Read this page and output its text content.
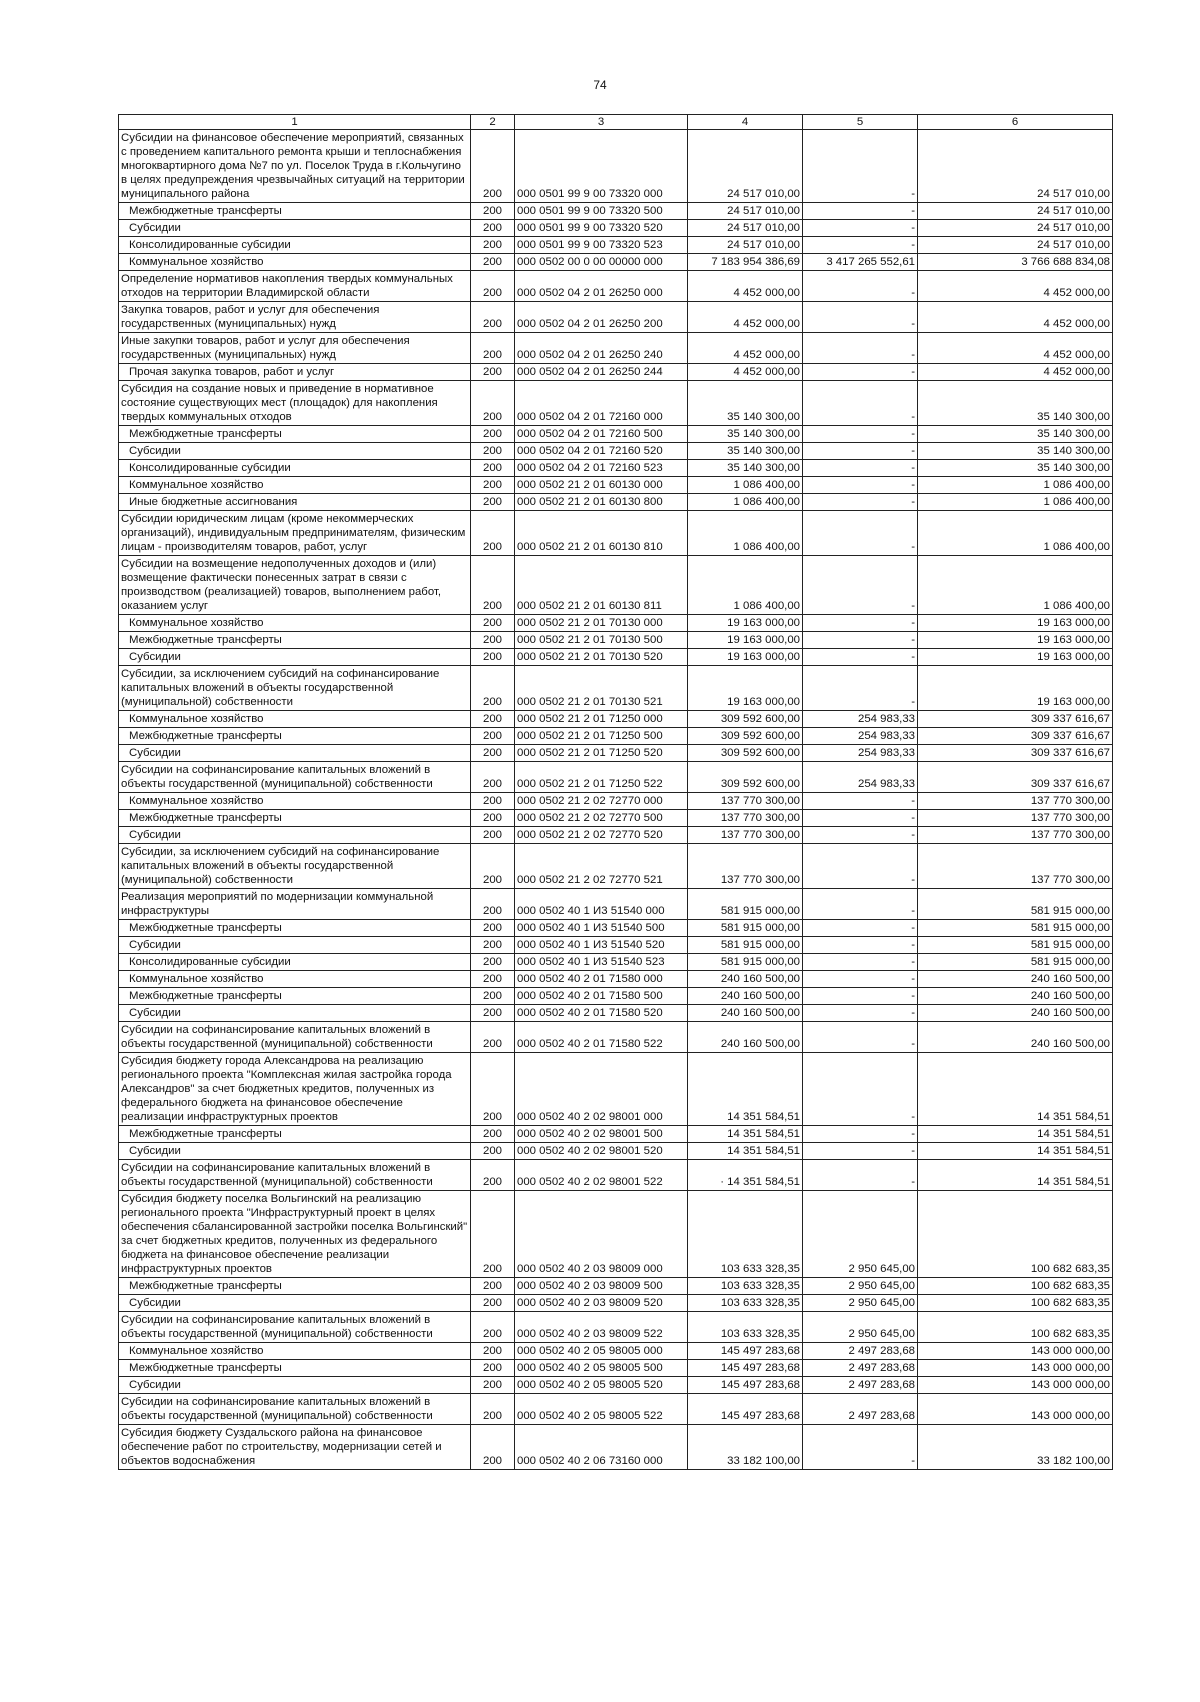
74
1	2	3	4	5	6
Субсидии на финансовое обеспечение мероприятий, связанных с проведением капитального ремонта крыши и теплоснабжения многоквартирного дома №7 по ул. Поселок Труда в г.Кольчугино в целях предупреждения чрезвычайных ситуаций на территории муниципального района	200	000 0501 99 9 00 73320 000	24 517 010,00	-	24 517 010,00
Межбюджетные трансферты	200	000 0501 99 9 00 73320 500	24 517 010,00	-	24 517 010,00
Субсидии	200	000 0501 99 9 00 73320 520	24 517 010,00	-	24 517 010,00
Консолидированные субсидии	200	000 0501 99 9 00 73320 523	24 517 010,00	-	24 517 010,00
Коммунальное хозяйство	200	000 0502 00 0 00 00000 000	7 183 954 386,69	3 417 265 552,61	3 766 688 834,08
Определение нормативов накопления твердых коммунальных отходов на территории Владимирской области	200	000 0502 04 2 01 26250 000	4 452 000,00	-	4 452 000,00
Закупка товаров, работ и услуг для обеспечения государственных (муниципальных) нужд	200	000 0502 04 2 01 26250 200	4 452 000,00	-	4 452 000,00
Иные закупки товаров, работ и услуг для обеспечения государственных (муниципальных) нужд	200	000 0502 04 2 01 26250 240	4 452 000,00	-	4 452 000,00
Прочая закупка товаров, работ и услуг	200	000 0502 04 2 01 26250 244	4 452 000,00	-	4 452 000,00
Субсидия на создание новых и приведение в нормативное состояние существующих мест (площадок) для накопления твердых коммунальных отходов	200	000 0502 04 2 01 72160 000	35 140 300,00	-	35 140 300,00
Межбюджетные трансферты	200	000 0502 04 2 01 72160 500	35 140 300,00	-	35 140 300,00
Субсидии	200	000 0502 04 2 01 72160 520	35 140 300,00	-	35 140 300,00
Консолидированные субсидии	200	000 0502 04 2 01 72160 523	35 140 300,00	-	35 140 300,00
Коммунальное хозяйство	200	000 0502 21 2 01 60130 000	1 086 400,00	-	1 086 400,00
Иные бюджетные ассигнования	200	000 0502 21 2 01 60130 800	1 086 400,00	-	1 086 400,00
Субсидии юридическим лицам (кроме некоммерческих организаций), индивидуальным предпринимателям, физическим лицам - производителям товаров, работ, услуг	200	000 0502 21 2 01 60130 810	1 086 400,00	-	1 086 400,00
Субсидии на возмещение недополученных доходов и (или) возмещение фактически понесенных затрат в связи с производством (реализацией) товаров, выполнением работ, оказанием услуг	200	000 0502 21 2 01 60130 811	1 086 400,00	-	1 086 400,00
Коммунальное хозяйство	200	000 0502 21 2 01 70130 000	19 163 000,00	-	19 163 000,00
Межбюджетные трансферты	200	000 0502 21 2 01 70130 500	19 163 000,00	-	19 163 000,00
Субсидии	200	000 0502 21 2 01 70130 520	19 163 000,00	-	19 163 000,00
Субсидии, за исключением субсидий на софинансирование капитальных вложений в объекты государственной (муниципальной) собственности	200	000 0502 21 2 01 70130 521	19 163 000,00	-	19 163 000,00
Коммунальное хозяйство	200	000 0502 21 2 01 71250 000	309 592 600,00	254 983,33	309 337 616,67
Межбюджетные трансферты	200	000 0502 21 2 01 71250 500	309 592 600,00	254 983,33	309 337 616,67
Субсидии	200	000 0502 21 2 01 71250 520	309 592 600,00	254 983,33	309 337 616,67
Субсидии на софинансирование капитальных вложений в объекты государственной (муниципальной) собственности	200	000 0502 21 2 01 71250 522	309 592 600,00	254 983,33	309 337 616,67
Коммунальное хозяйство	200	000 0502 21 2 02 72770 000	137 770 300,00	-	137 770 300,00
Межбюджетные трансферты	200	000 0502 21 2 02 72770 500	137 770 300,00	-	137 770 300,00
Субсидии	200	000 0502 21 2 02 72770 520	137 770 300,00	-	137 770 300,00
Субсидии, за исключением субсидий на софинансирование капитальных вложений в объекты государственной (муниципальной) собственности	200	000 0502 21 2 02 72770 521	137 770 300,00	-	137 770 300,00
Реализация мероприятий по модернизации коммунальной инфраструктуры	200	000 0502 40 1 И3 51540 000	581 915 000,00	-	581 915 000,00
Межбюджетные трансферты	200	000 0502 40 1 И3 51540 500	581 915 000,00	-	581 915 000,00
Субсидии	200	000 0502 40 1 И3 51540 520	581 915 000,00	-	581 915 000,00
Консолидированные субсидии	200	000 0502 40 1 И3 51540 523	581 915 000,00	-	581 915 000,00
Коммунальное хозяйство	200	000 0502 40 2 01 71580 000	240 160 500,00	-	240 160 500,00
Межбюджетные трансферты	200	000 0502 40 2 01 71580 500	240 160 500,00	-	240 160 500,00
Субсидии	200	000 0502 40 2 01 71580 520	240 160 500,00	-	240 160 500,00
Субсидии на софинансирование капитальных вложений в объекты государственной (муниципальной) собственности	200	000 0502 40 2 01 71580 522	240 160 500,00	-	240 160 500,00
Субсидия бюджету города Александрова на реализацию регионального проекта "Комплексная жилая застройка города Александров" за счет бюджетных кредитов, полученных из федерального бюджета на финансовое обеспечение реализации инфраструктурных проектов	200	000 0502 40 2 02 98001 000	14 351 584,51	-	14 351 584,51
Межбюджетные трансферты	200	000 0502 40 2 02 98001 500	14 351 584,51	-	14 351 584,51
Субсидии	200	000 0502 40 2 02 98001 520	14 351 584,51	-	14 351 584,51
Субсидии на софинансирование капитальных вложений в объекты государственной (муниципальной) собственности	200	000 0502 40 2 02 98001 522	· 14 351 584,51	-	14 351 584,51
Субсидия бюджету поселка Вольгинский на реализацию регионального проекта "Инфраструктурный проект в целях обеспечения сбалансированной застройки поселка Вольгинский" за счет бюджетных кредитов, полученных из федерального бюджета на финансовое обеспечение реализации инфраструктурных проектов	200	000 0502 40 2 03 98009 000	103 633 328,35	2 950 645,00	100 682 683,35
Межбюджетные трансферты	200	000 0502 40 2 03 98009 500	103 633 328,35	2 950 645,00	100 682 683,35
Субсидии	200	000 0502 40 2 03 98009 520	103 633 328,35	2 950 645,00	100 682 683,35
Субсидии на софинансирование капитальных вложений в объекты государственной (муниципальной) собственности	200	000 0502 40 2 03 98009 522	103 633 328,35	2 950 645,00	100 682 683,35
Коммунальное хозяйство	200	000 0502 40 2 05 98005 000	145 497 283,68	2 497 283,68	143 000 000,00
Межбюджетные трансферты	200	000 0502 40 2 05 98005 500	145 497 283,68	2 497 283,68	143 000 000,00
Субсидии	200	000 0502 40 2 05 98005 520	145 497 283,68	2 497 283,68	143 000 000,00
Субсидии на софинансирование капитальных вложений в объекты государственной (муниципальной) собственности	200	000 0502 40 2 05 98005 522	145 497 283,68	2 497 283,68	143 000 000,00
Субсидия бюджету Суздальского района на финансовое обеспечение работ по строительству, модернизации сетей и объектов водоснабжения	200	000 0502 40 2 06 73160 000	33 182 100,00	-	33 182 100,00
